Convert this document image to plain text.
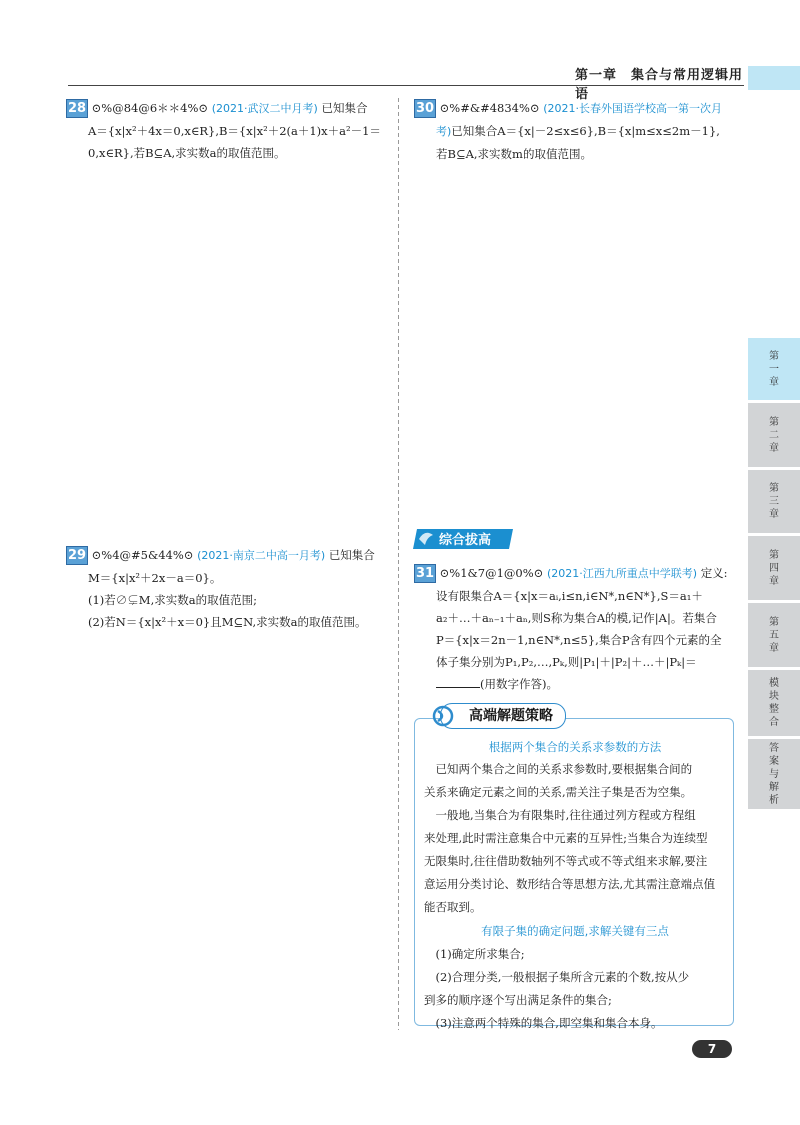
第一章　集合与常用逻辑用语
28 ⊙%@84@6＊＊4%⊙ (2021·武汉二中月考) 已知集合
A＝{x|x²＋4x＝0,x∈R},B＝{x|x²＋2(a＋1)x＋a²－1＝
0,x∈R},若B⊆A,求实数a的取值范围。
29 ⊙%4@#5&44%⊙ (2021·南京二中高一月考) 已知集合
M＝{x|x²＋2x－a＝0}。
(1)若∅⊊M,求实数a的取值范围;
(2)若N＝{x|x²＋x＝0}且M⊆N,求实数a的取值范围。
30 ⊙%#&#4834%⊙ (2021·长春外国语学校高一第一次月
考)已知集合A＝{x|－2≤x≤6},B＝{x|m≤x≤2m－1},
若B⊆A,求实数m的取值范围。
综合拔高
31 ⊙%1&7@1@0%⊙ (2021·江西九所重点中学联考) 定义:
设有限集合A＝{x|x＝aᵢ,i≤n,i∈N*,n∈N*},S＝a₁＋
a₂＋…＋aₙ₋₁＋aₙ,则S称为集合A的模,记作|A|。若集合
P＝{x|x＝2n－1,n∈N*,n≤5},集合P含有四个元素的全
体子集分别为P₁,P₂,…,Pₖ,则|P₁|＋|P₂|＋…＋|Pₖ|＝
(用数字作答)。
高端解题策略
根据两个集合的关系求参数的方法
　已知两个集合之间的关系求参数时,要根据集合间的
关系来确定元素之间的关系,需关注子集是否为空集。
　一般地,当集合为有限集时,往往通过列方程或方程组
来处理,此时需注意集合中元素的互异性;当集合为连续型
无限集时,往往借助数轴列不等式或不等式组来求解,要注
意运用分类讨论、数形结合等思想方法,尤其需注意端点值
能否取到。
有限子集的确定问题,求解关键有三点
　(1)确定所求集合;
　(2)合理分类,一般根据子集所含元素的个数,按从少
到多的顺序逐个写出满足条件的集合;
　(3)注意两个特殊的集合,即空集和集合本身。
第一章
第二章
第三章
第四章
第五章
模块整合
答案与解析
7
